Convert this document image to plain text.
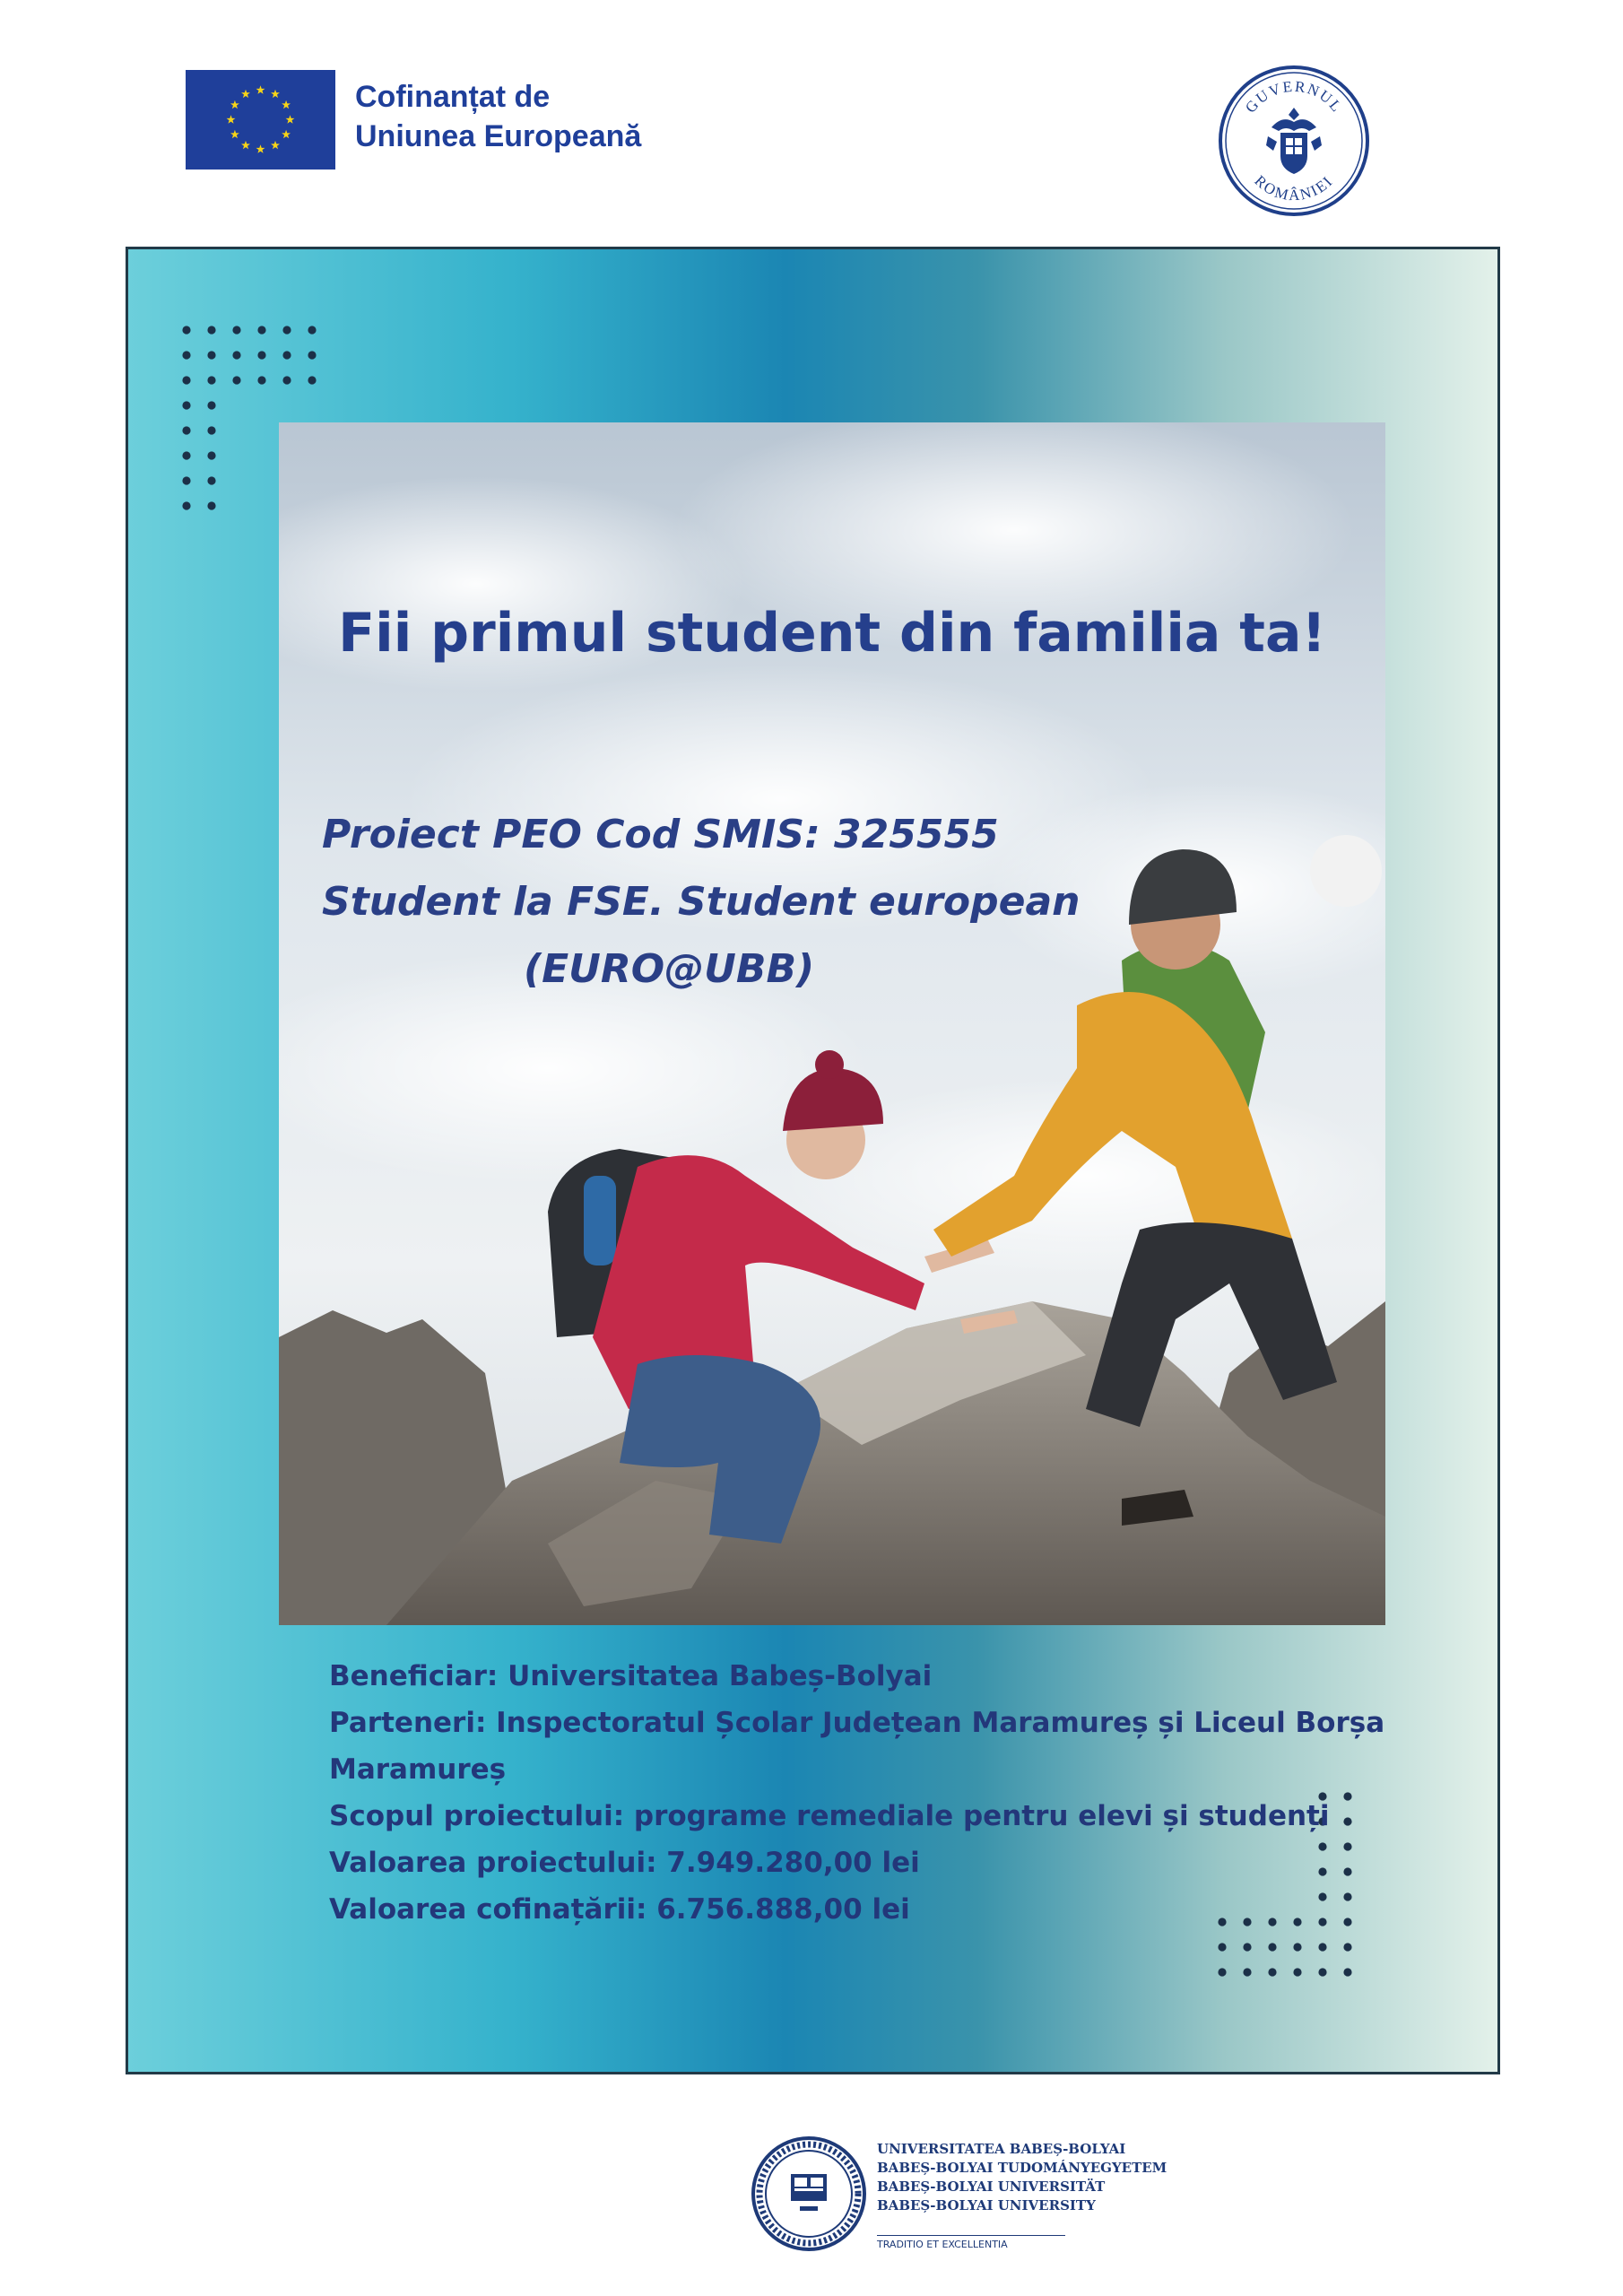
Cofinanțat de
Uniunea Europeană
GUVERNUL
ROMÂNIEI
Fii primul student din familia ta!
Proiect PEO Cod SMIS: 325555
Student la FSE. Student european
(EURO@UBB)
Beneficiar: Universitatea Babeș-Bolyai
Parteneri: Inspectoratul Școlar Județean Maramureș și Liceul Borșa
Maramureș
Scopul proiectului: programe remediale pentru elevi și studenți
Valoarea proiectului: 7.949.280,00 lei
Valoarea cofinațării: 6.756.888,00 lei
UNIVERSITATEA BABEȘ-BOLYAI
BABEȘ-BOLYAI TUDOMÁNYEGYETEM
BABEȘ-BOLYAI UNIVERSITÄT
BABEȘ-BOLYAI UNIVERSITY
TRADITIO ET EXCELLENTIA
